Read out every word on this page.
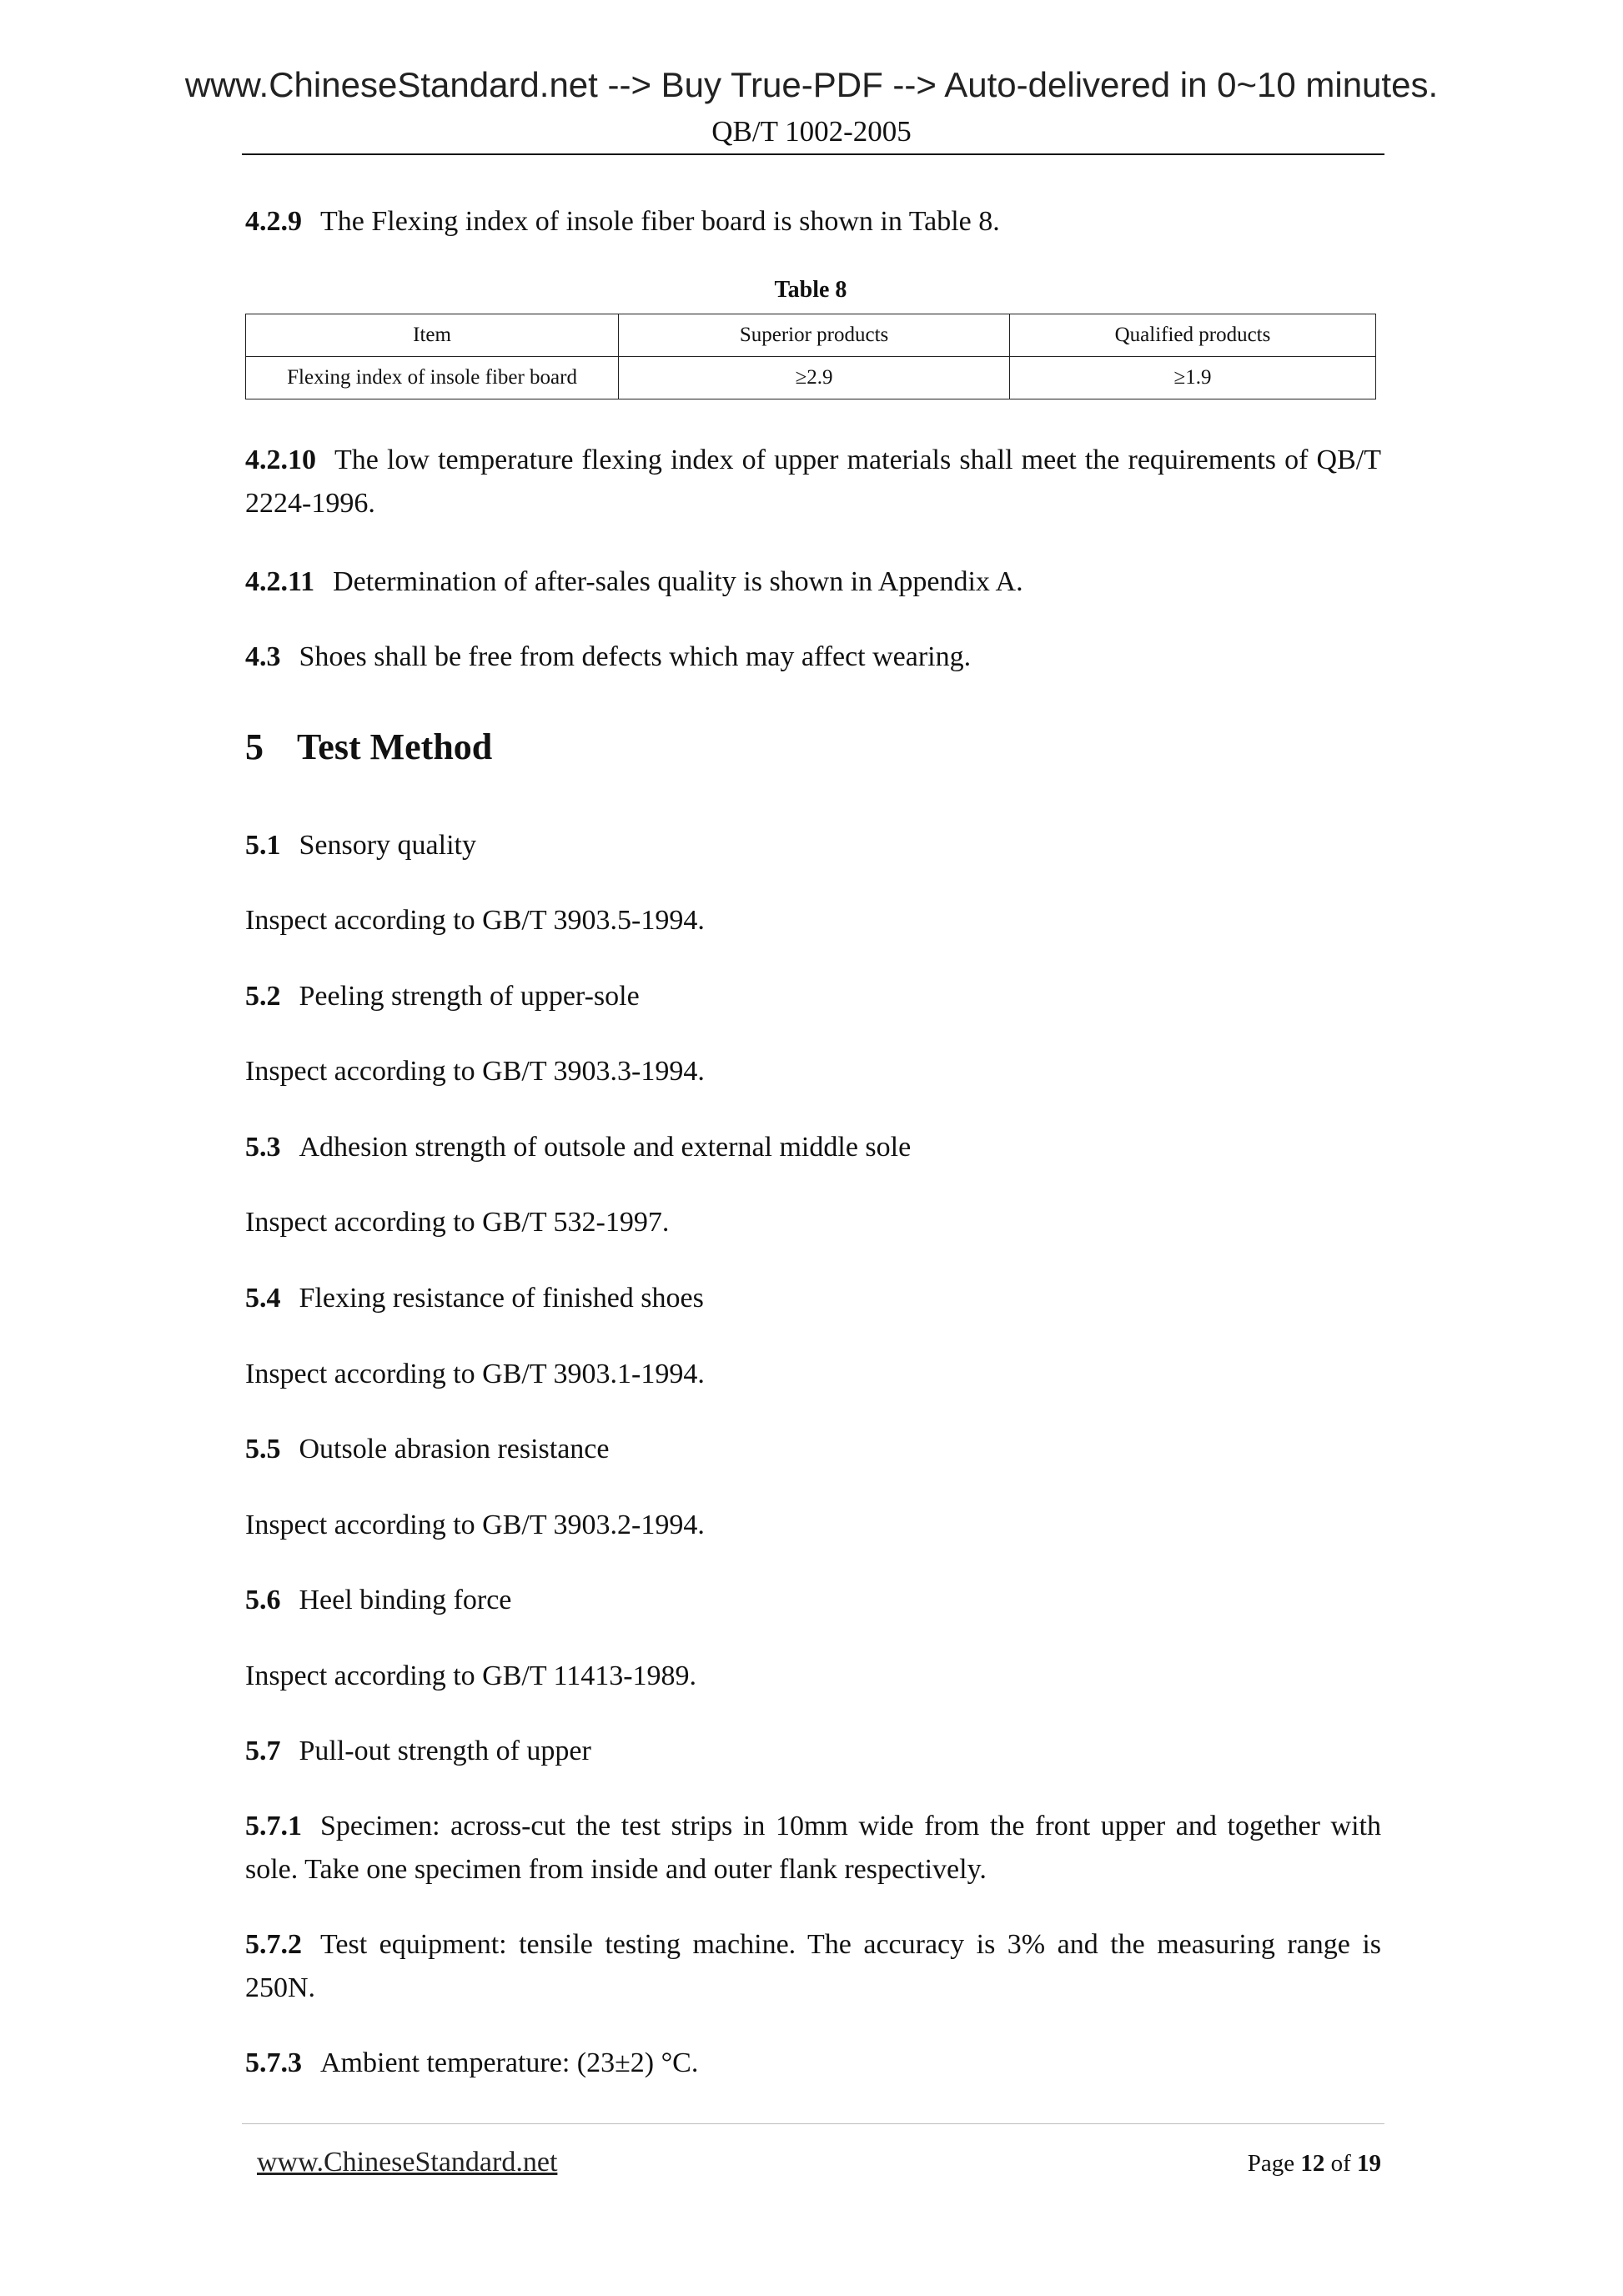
www.ChineseStandard.net --> Buy True-PDF --> Auto-delivered in 0~10 minutes.
QB/T 1002-2005
4.2.9 The Flexing index of insole fiber board is shown in Table 8.
Table 8
Item	Superior products	Qualified products
Flexing index of insole fiber board	≥2.9	≥1.9
4.2.10 The low temperature flexing index of upper materials shall meet the requirements of QB/T 2224-1996.
4.2.11 Determination of after-sales quality is shown in Appendix A.
4.3 Shoes shall be free from defects which may affect wearing.
5 Test Method
5.1 Sensory quality
Inspect according to GB/T 3903.5-1994.
5.2 Peeling strength of upper-sole
Inspect according to GB/T 3903.3-1994.
5.3 Adhesion strength of outsole and external middle sole
Inspect according to GB/T 532-1997.
5.4 Flexing resistance of finished shoes
Inspect according to GB/T 3903.1-1994.
5.5 Outsole abrasion resistance
Inspect according to GB/T 3903.2-1994.
5.6 Heel binding force
Inspect according to GB/T 11413-1989.
5.7 Pull-out strength of upper
5.7.1 Specimen: across-cut the test strips in 10mm wide from the front upper and together with sole. Take one specimen from inside and outer flank respectively.
5.7.2 Test equipment: tensile testing machine. The accuracy is 3% and the measuring range is 250N.
5.7.3 Ambient temperature: (23±2) °C.
www.ChineseStandard.net	Page 12 of 19
